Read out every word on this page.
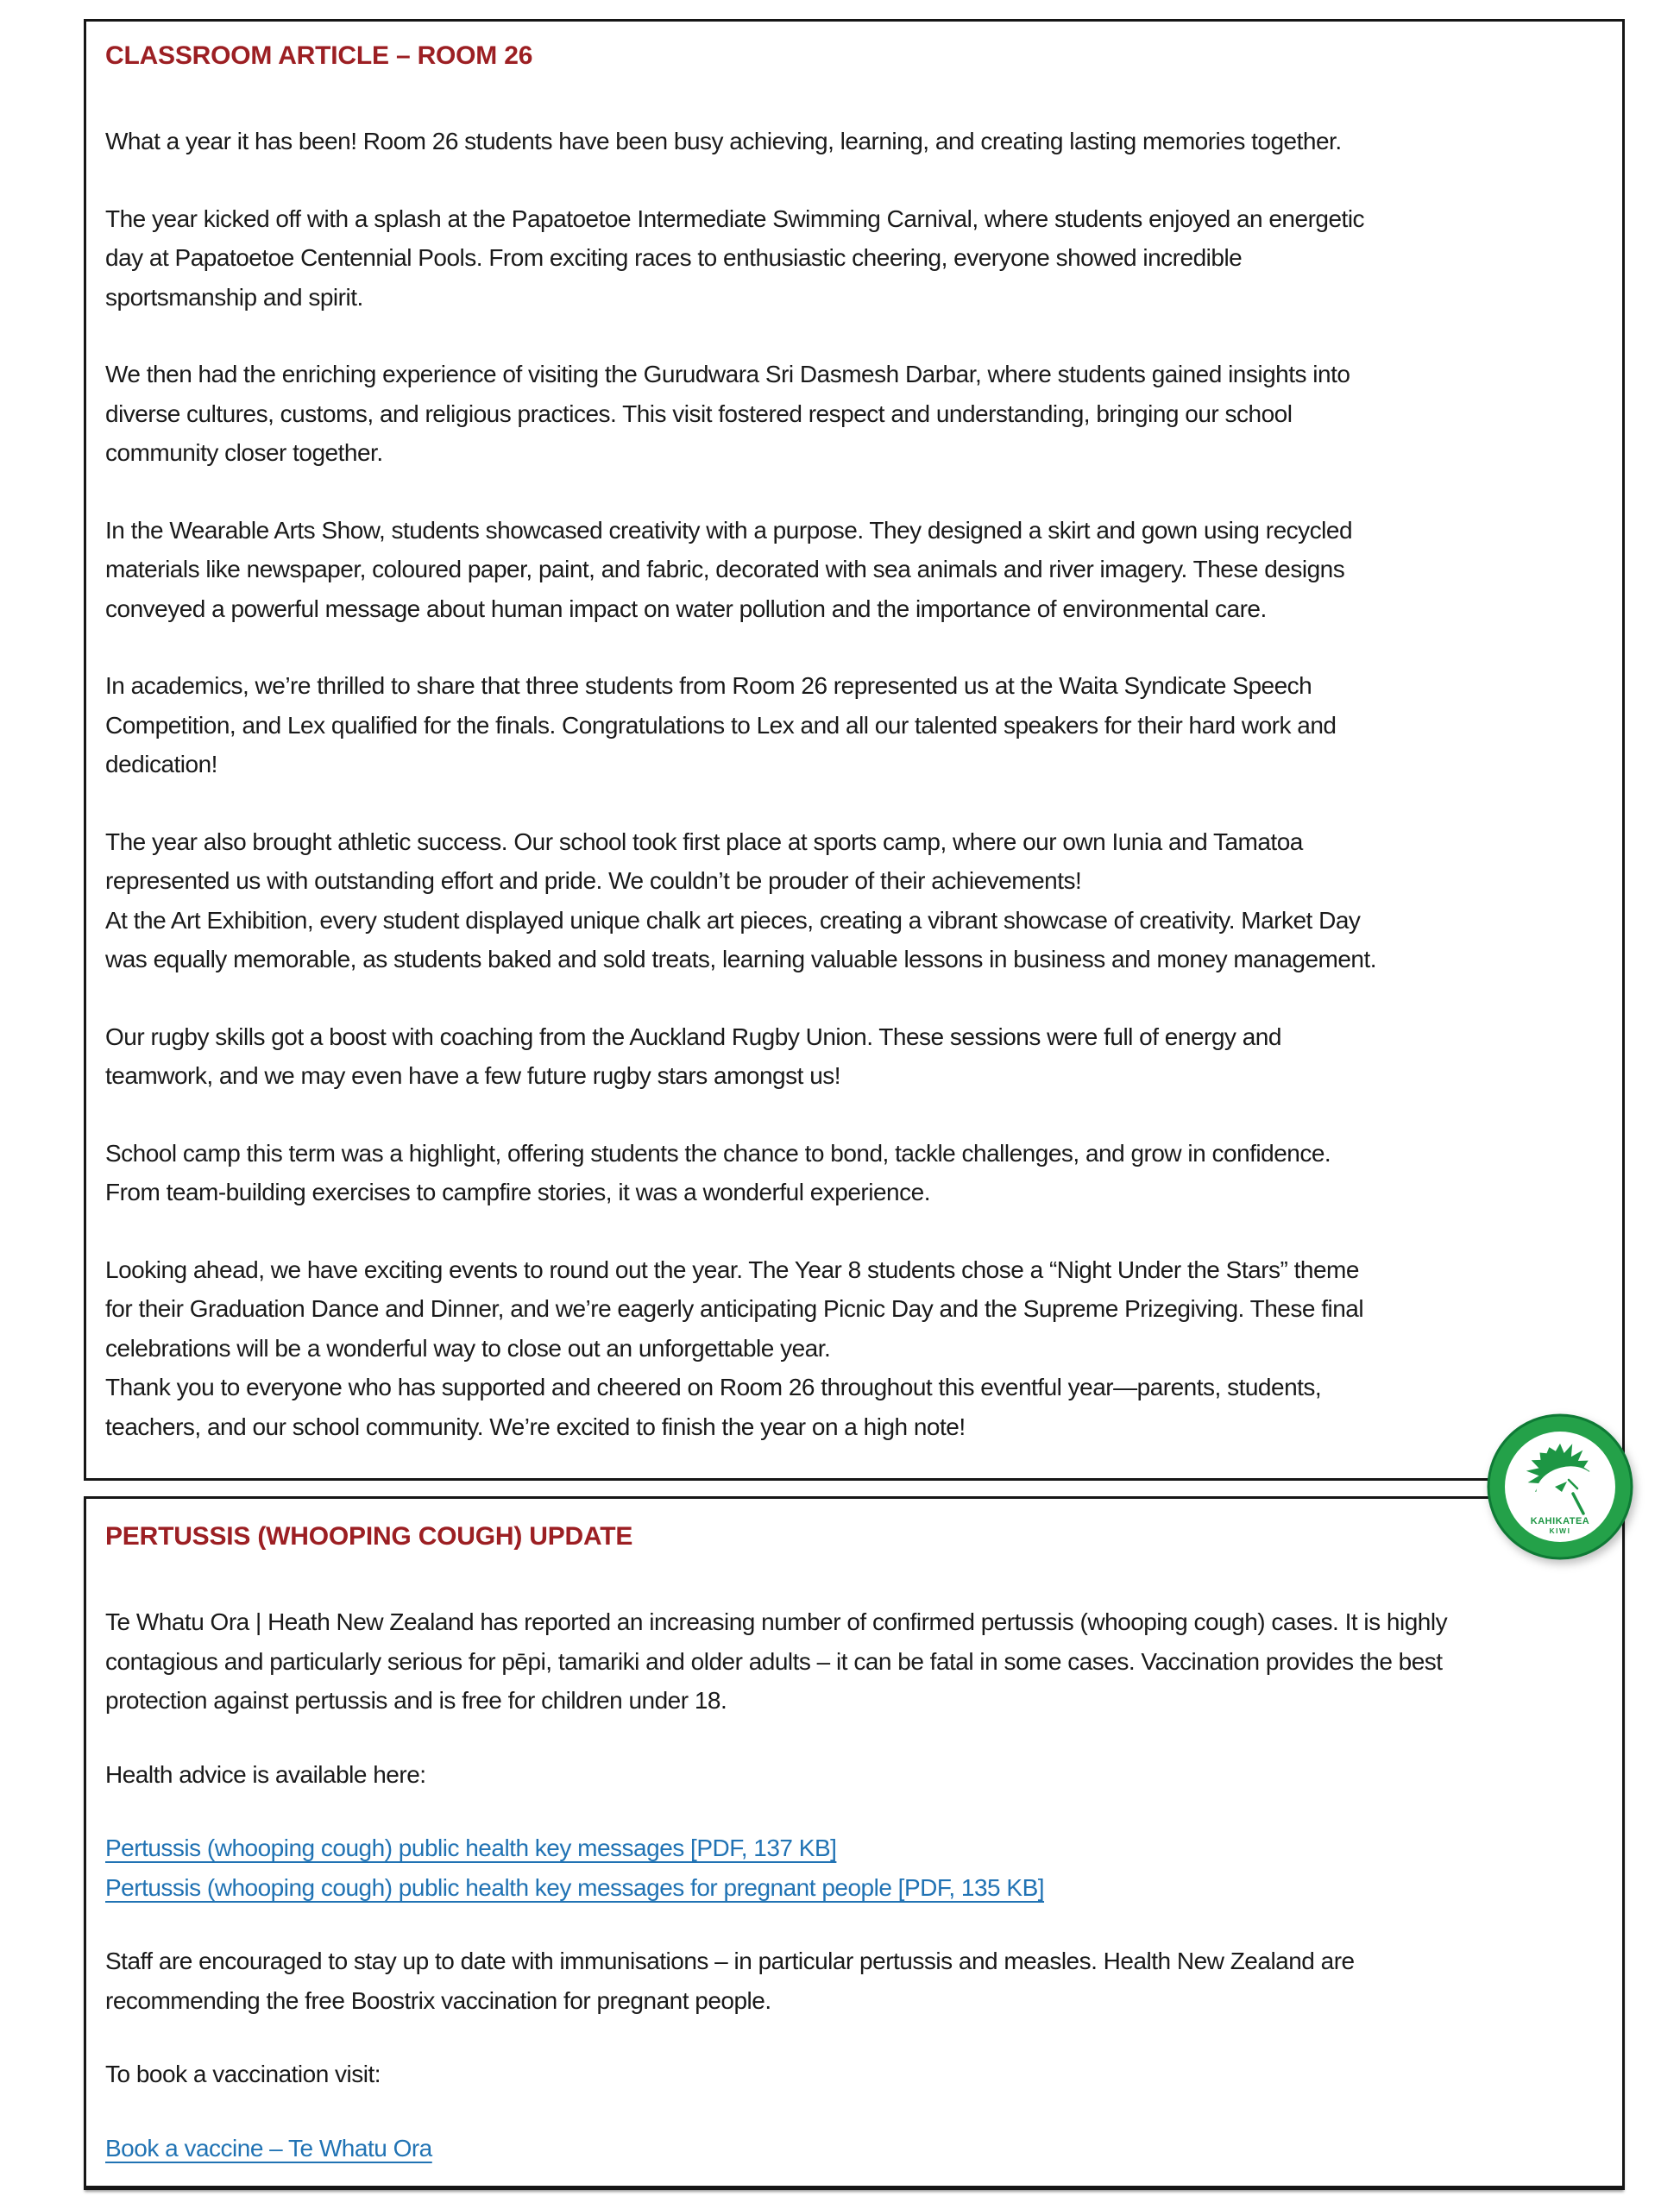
CLASSROOM ARTICLE – ROOM 26
What a year it has been! Room 26 students have been busy achieving, learning, and creating lasting memories together.
The year kicked off with a splash at the Papatoetoe Intermediate Swimming Carnival, where students enjoyed an energetic
day at Papatoetoe Centennial Pools. From exciting races to enthusiastic cheering, everyone showed incredible
sportsmanship and spirit.
We then had the enriching experience of visiting the Gurudwara Sri Dasmesh Darbar, where students gained insights into
diverse cultures, customs, and religious practices. This visit fostered respect and understanding, bringing our school
community closer together.
In the Wearable Arts Show, students showcased creativity with a purpose. They designed a skirt and gown using recycled
materials like newspaper, coloured paper, paint, and fabric, decorated with sea animals and river imagery. These designs
conveyed a powerful message about human impact on water pollution and the importance of environmental care.
In academics, we’re thrilled to share that three students from Room 26 represented us at the Waita Syndicate Speech
Competition, and Lex qualified for the finals. Congratulations to Lex and all our talented speakers for their hard work and
dedication!
The year also brought athletic success. Our school took first place at sports camp, where our own Iunia and Tamatoa
represented us with outstanding effort and pride. We couldn’t be prouder of their achievements!
At the Art Exhibition, every student displayed unique chalk art pieces, creating a vibrant showcase of creativity. Market Day
was equally memorable, as students baked and sold treats, learning valuable lessons in business and money management.
Our rugby skills got a boost with coaching from the Auckland Rugby Union. These sessions were full of energy and
teamwork, and we may even have a few future rugby stars amongst us!
School camp this term was a highlight, offering students the chance to bond, tackle challenges, and grow in confidence.
From team-building exercises to campfire stories, it was a wonderful experience.
Looking ahead, we have exciting events to round out the year. The Year 8 students chose a “Night Under the Stars” theme
for their Graduation Dance and Dinner, and we’re eagerly anticipating Picnic Day and the Supreme Prizegiving. These final
celebrations will be a wonderful way to close out an unforgettable year.
Thank you to everyone who has supported and cheered on Room 26 throughout this eventful year—parents, students,
teachers, and our school community. We’re excited to finish the year on a high note!
PERTUSSIS (WHOOPING COUGH) UPDATE
Te Whatu Ora | Heath New Zealand has reported an increasing number of confirmed pertussis (whooping cough) cases. It is highly
contagious and particularly serious for pēpi, tamariki and older adults – it can be fatal in some cases. Vaccination provides the best
protection against pertussis and is free for children under 18.
Health advice is available here:
Pertussis (whooping cough) public health key messages [PDF, 137 KB]
Pertussis (whooping cough) public health key messages for pregnant people [PDF, 135 KB]
Staff are encouraged to stay up to date with immunisations – in particular pertussis and measles. Health New Zealand are
recommending the free Boostrix vaccination for pregnant people.
To book a vaccination visit:
Book a vaccine – Te Whatu Ora
KAHIKATEA
KIWI
